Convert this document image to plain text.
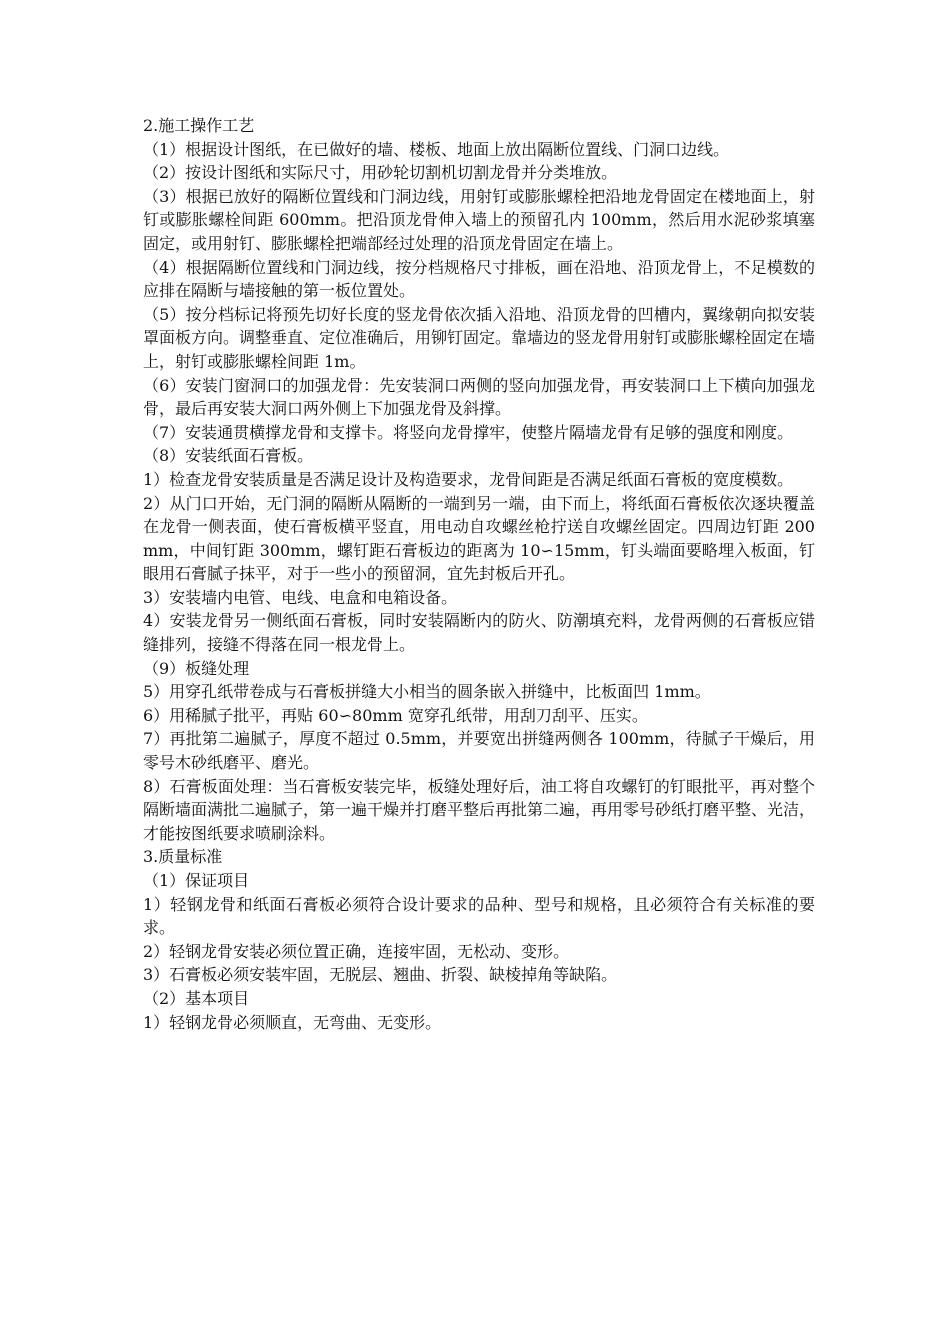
2.施工操作工艺

（1）根据设计图纸，在已做好的墙、楼板、地面上放出隔断位置线、门洞口边线。

（2）按设计图纸和实际尺寸，用砂轮切割机切割龙骨并分类堆放。

（3）根据已放好的隔断位置线和门洞边线，用射钉或膨胀螺栓把沿地龙骨固定在楼地面上，射钉或膨胀螺栓间距 600mm。把沿顶龙骨伸入墙上的预留孔内 100mm，然后用水泥砂浆填塞固定，或用射钉、膨胀螺栓把端部经过处理的沿顶龙骨固定在墙上。

（4）根据隔断位置线和门洞边线，按分档规格尺寸排板，画在沿地、沿顶龙骨上，不足模数的应排在隔断与墙接触的第一板位置处。

（5）按分档标记将预先切好长度的竖龙骨依次插入沿地、沿顶龙骨的凹槽内，翼缘朝向拟安装罩面板方向。调整垂直、定位准确后，用铆钉固定。靠墙边的竖龙骨用射钉或膨胀螺栓固定在墙上，射钉或膨胀螺栓间距 1m。

（6）安装门窗洞口的加强龙骨：先安装洞口两侧的竖向加强龙骨，再安装洞口上下横向加强龙骨，最后再安装大洞口两外侧上下加强龙骨及斜撑。

（7）安装通贯横撑龙骨和支撑卡。将竖向龙骨撑牢，使整片隔墙龙骨有足够的强度和刚度。

（8）安装纸面石膏板。

1）检查龙骨安装质量是否满足设计及构造要求，龙骨间距是否满足纸面石膏板的宽度模数。

2）从门口开始，无门洞的隔断从隔断的一端到另一端，由下而上，将纸面石膏板依次逐块覆盖在龙骨一侧表面，使石膏板横平竖直，用电动自攻螺丝枪拧送自攻螺丝固定。四周边钉距 200mm，中间钉距 300mm，螺钉距石膏板边的距离为 10∽15mm，钉头端面要略埋入板面，钉眼用石膏腻子抹平，对于一些小的预留洞，宜先封板后开孔。

3）安装墙内电管、电线、电盒和电箱设备。

4）安装龙骨另一侧纸面石膏板，同时安装隔断内的防火、防潮填充料，龙骨两侧的石膏板应错缝排列，接缝不得落在同一根龙骨上。

（9）板缝处理

5）用穿孔纸带卷成与石膏板拼缝大小相当的圆条嵌入拼缝中，比板面凹 1mm。

6）用稀腻子批平，再贴 60∽80mm 宽穿孔纸带，用刮刀刮平、压实。

7）再批第二遍腻子，厚度不超过 0.5mm，并要宽出拼缝两侧各 100mm，待腻子干燥后，用零号木砂纸磨平、磨光。

8）石膏板面处理：当石膏板安装完毕，板缝处理好后，油工将自攻螺钉的钉眼批平，再对整个隔断墙面满批二遍腻子，第一遍干燥并打磨平整后再批第二遍，再用零号砂纸打磨平整、光洁，才能按图纸要求喷刷涂料。

3.质量标准

（1）保证项目

1）轻钢龙骨和纸面石膏板必须符合设计要求的品种、型号和规格，且必须符合有关标准的要求。

2）轻钢龙骨安装必须位置正确，连接牢固，无松动、变形。

3）石膏板必须安装牢固，无脱层、翘曲、折裂、缺棱掉角等缺陷。

（2）基本项目

1）轻钢龙骨必须顺直，无弯曲、无变形。
